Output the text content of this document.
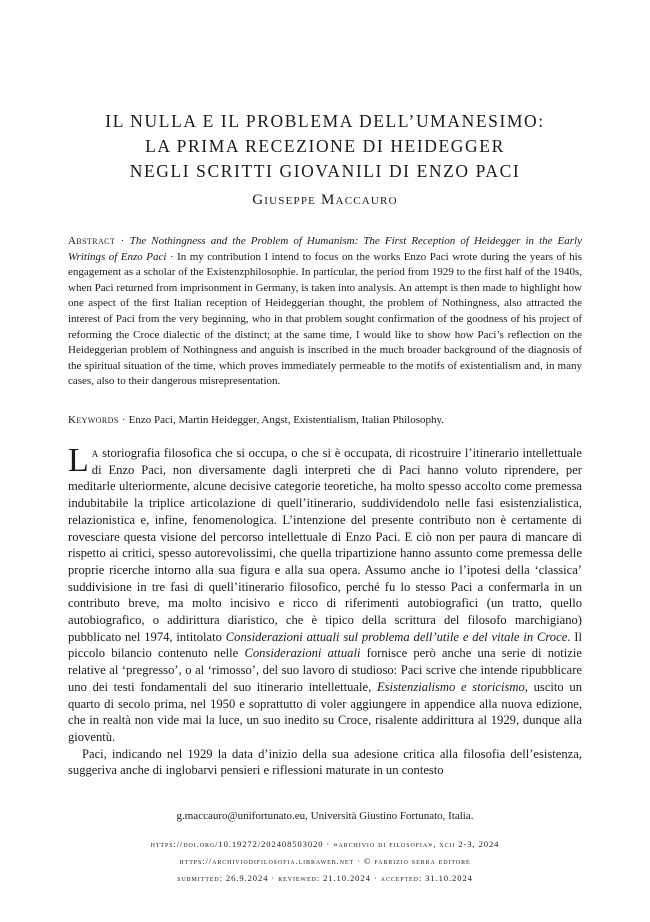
IL NULLA E IL PROBLEMA DELL’UMANESIMO:
LA PRIMA RECEZIONE DI HEIDEGGER
NEGLI SCRITTI GIOVANILI DI ENZO PACI
Giuseppe Maccauro
Abstract · The Nothingness and the Problem of Humanism: The First Reception of Heidegger in the Early Writings of Enzo Paci · In my contribution I intend to focus on the works Enzo Paci wrote during the years of his engagement as a scholar of the Existenzphilosophie. In particular, the period from 1929 to the first half of the 1940s, when Paci returned from imprisonment in Germany, is taken into analysis. An attempt is then made to highlight how one aspect of the first Italian reception of Heideggerian thought, the problem of Nothingness, also attracted the interest of Paci from the very beginning, who in that problem sought confirmation of the goodness of his project of reforming the Croce dialectic of the distinct; at the same time, I would like to show how Paci’s reflection on the Heideggerian problem of Nothingness and anguish is inscribed in the much broader background of the diagnosis of the spiritual situation of the time, which proves immediately permeable to the motifs of existentialism and, in many cases, also to their dangerous misrepresentation.
Keywords · Enzo Paci, Martin Heidegger, Angst, Existentialism, Italian Philosophy.

La storiografia filosofica che si occupa, o che si è occupata, di ricostruire l’itinerario intellettuale di Enzo Paci, non diversamente dagli interpreti che di Paci hanno voluto riprendere, per meditarle ulteriormente, alcune decisive categorie teoretiche, ha molto spesso accolto come premessa indubitabile la triplice articolazione di quell’itinerario, suddividendolo nelle fasi esistenzialistica, relazionistica e, infine, fenomenologica. L’intenzione del presente contributo non è certamente di rovesciare questa visione del percorso intellettuale di Enzo Paci. E ciò non per paura di mancare di rispetto ai critici, spesso autorevolissimi, che quella tripartizione hanno assunto come premessa delle proprie ricerche intorno alla sua figura e alla sua opera. Assumo anche io l’ipotesi della ‘classica’ suddivisione in tre fasi di quell’itinerario filosofico, perché fu lo stesso Paci a confermarla in un contributo breve, ma molto incisivo e ricco di riferimenti autobiografici (un tratto, quello autobiografico, o addirittura diaristico, che è tipico della scrittura del filosofo marchigiano) pubblicato nel 1974, intitolato Considerazioni attuali sul problema dell’utile e del vitale in Croce. Il piccolo bilancio contenuto nelle Considerazioni attuali fornisce però anche una serie di notizie relative al ‘pregresso’, o al ‘rimosso’, del suo lavoro di studioso: Paci scrive che intende ripubblicare uno dei testi fondamentali del suo itinerario intellettuale, Esistenzialismo e storicismo, uscito un quarto di secolo prima, nel 1950 e soprattutto di voler aggiungere in appendice alla nuova edizione, che in realtà non vide mai la luce, un suo inedito su Croce, risalente addirittura al 1929, dunque alla gioventù.

Paci, indicando nel 1929 la data d’inizio della sua adesione critica alla filosofia dell’esistenza, suggeriva anche di inglobarvi pensieri e riflessioni maturate in un contesto

g.maccauro@unifortunato.eu, Università Giustino Fortunato, Italia.
https://doi.org/10.19272/202408503020 · «archivio di filosofia», xcii 2-3, 2024
https://archiviodifilosofia.libraweb.net · © fabrizio serra editore
submitted: 26.9.2024 · reviewed: 21.10.2024 · accepted: 31.10.2024
